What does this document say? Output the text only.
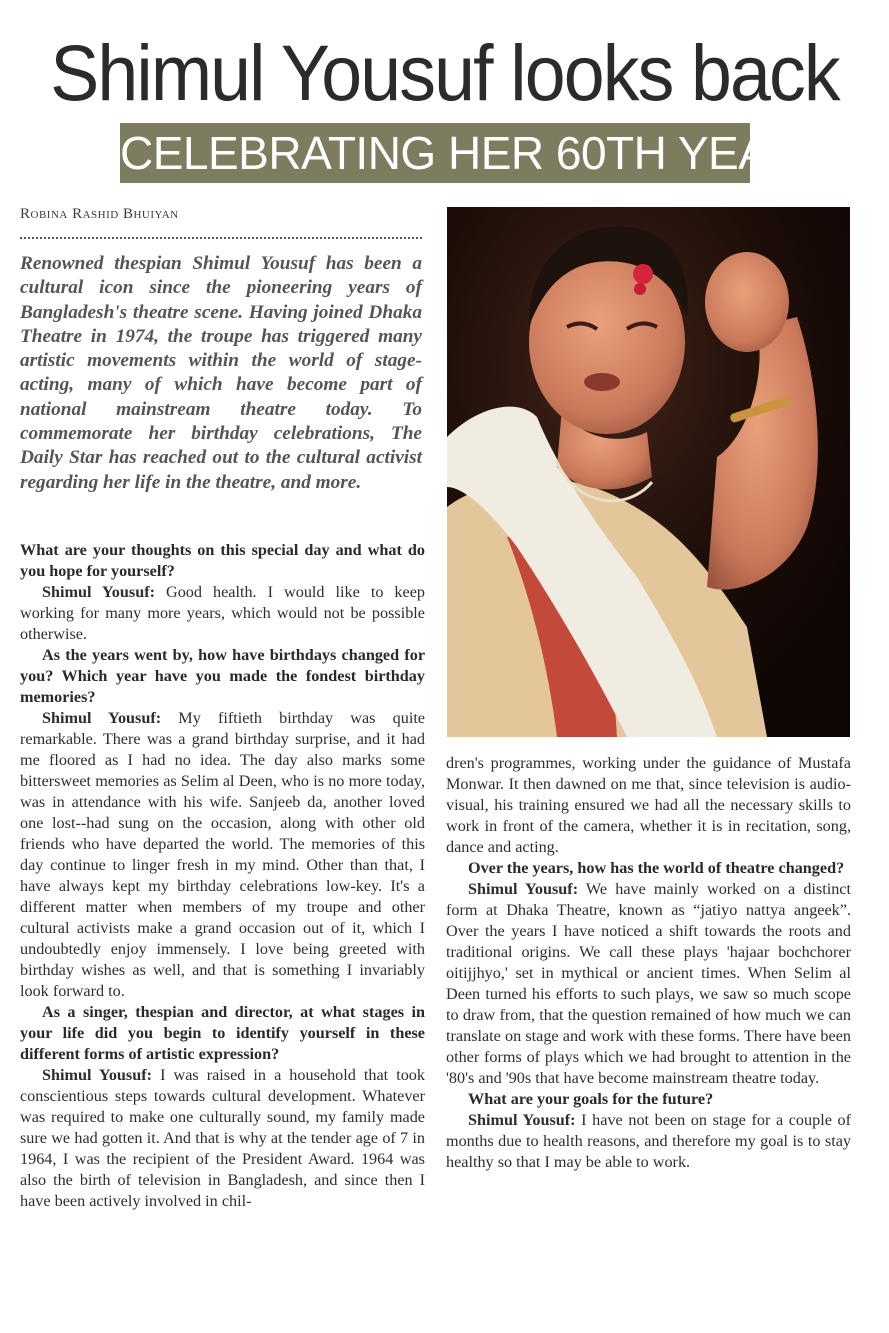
Shimul Yousuf looks back
CELEBRATING HER 60TH YEAR
Robina Rashid Bhuiyan
Renowned thespian Shimul Yousuf has been a cultural icon since the pioneering years of Bangladesh's theatre scene. Having joined Dhaka Theatre in 1974, the troupe has triggered many artistic movements within the world of stage-acting, many of which have become part of national mainstream theatre today. To commemorate her birthday celebrations, The Daily Star has reached out to the cultural activist regarding her life in the theatre, and more.

What are your thoughts on this special day and what do you hope for yourself?

Shimul Yousuf: Good health. I would like to keep working for many more years, which would not be possible otherwise.

As the years went by, how have birthdays changed for you? Which year have you made the fondest birthday memories?

Shimul Yousuf: My fiftieth birthday was quite remarkable. There was a grand birthday surprise, and it had me floored as I had no idea. The day also marks some bittersweet memories as Selim al Deen, who is no more today, was in attendance with his wife. Sanjeeb da, another loved one lost--had sung on the occasion, along with other old friends who have departed the world. The memories of this day continue to linger fresh in my mind. Other than that, I have always kept my birthday celebrations low-key. It's a different matter when members of my troupe and other cultural activists make a grand occasion out of it, which I undoubtedly enjoy immensely. I love being greeted with birthday wishes as well, and that is something I invariably look forward to.

As a singer, thespian and director, at what stages in your life did you begin to identify yourself in these different forms of artistic expression?

Shimul Yousuf: I was raised in a household that took conscientious steps towards cultural development. Whatever was required to make one culturally sound, my family made sure we had gotten it. And that is why at the tender age of 7 in 1964, I was the recipient of the President Award. 1964 was also the birth of television in Bangladesh, and since then I have been actively involved in chil-

dren's programmes, working under the guidance of Mustafa Monwar. It then dawned on me that, since television is audio-visual, his training ensured we had all the necessary skills to work in front of the camera, whether it is in recitation, song, dance and acting.

Over the years, how has the world of theatre changed?

Shimul Yousuf: We have mainly worked on a distinct form at Dhaka Theatre, known as “jatiyo nattya angeek”. Over the years I have noticed a shift towards the roots and traditional origins. We call these plays 'hajaar bochchorer oitijjhyo,' set in mythical or ancient times. When Selim al Deen turned his efforts to such plays, we saw so much scope to draw from, that the question remained of how much we can translate on stage and work with these forms. There have been other forms of plays which we had brought to attention in the '80's and '90s that have become mainstream theatre today.

What are your goals for the future?

Shimul Yousuf: I have not been on stage for a couple of months due to health reasons, and therefore my goal is to stay healthy so that I may be able to work.
